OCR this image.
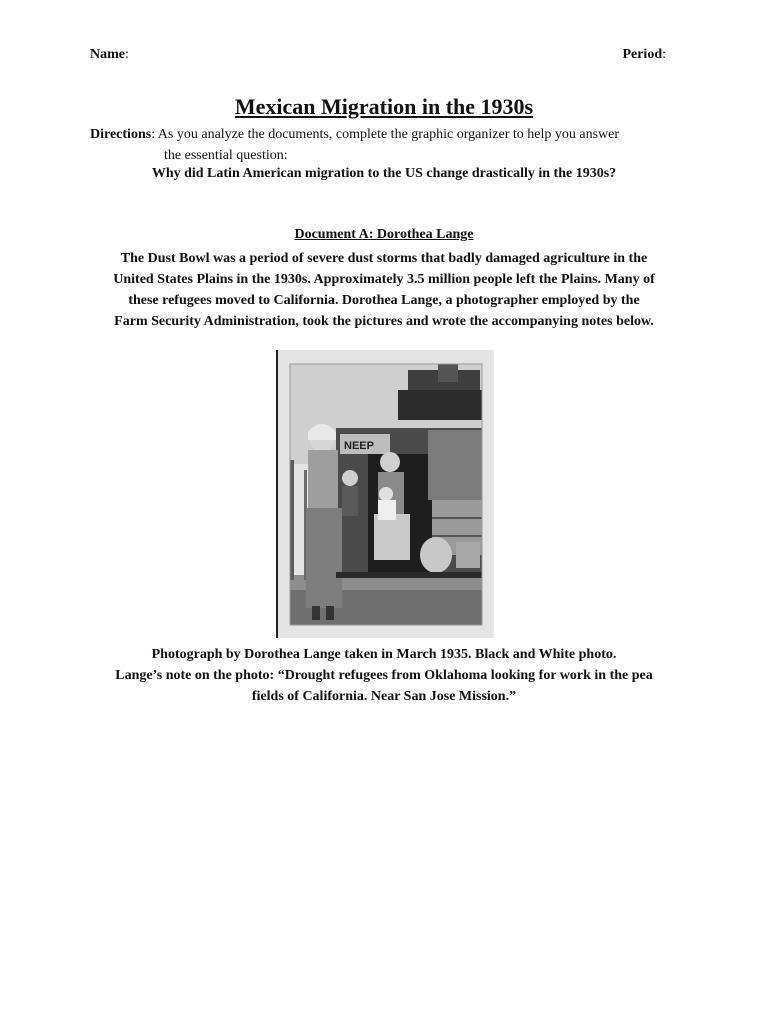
Name:	Period:
Mexican Migration in the 1930s
Directions: As you analyze the documents, complete the graphic organizer to help you answer
the essential question:
Why did Latin American migration to the US change drastically in the 1930s?
Document A: Dorothea Lange
The Dust Bowl was a period of severe dust storms that badly damaged agriculture in the
United States Plains in the 1930s. Approximately 3.5 million people left the Plains. Many of
these refugees moved to California. Dorothea Lange, a photographer employed by the
Farm Security Administration, took the pictures and wrote the accompanying notes below.
NEEP
Photograph by Dorothea Lange taken in March 1935. Black and White photo.
Lange’s note on the photo: “Drought refugees from Oklahoma looking for work in the pea
fields of California. Near San Jose Mission.”
